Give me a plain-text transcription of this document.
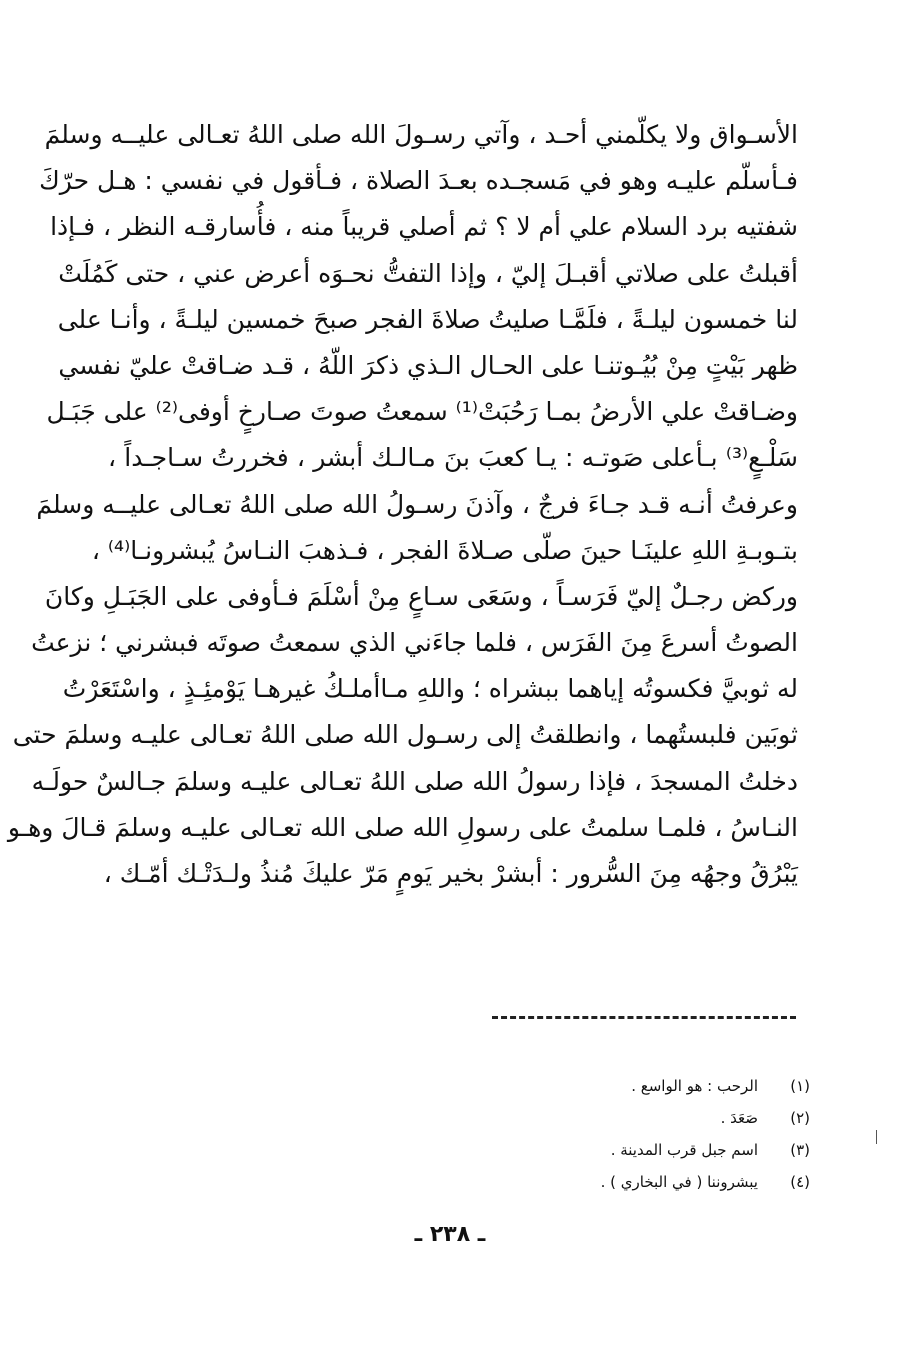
الأسـواق ولا يكلّمني أحـد ، وآتي رسـولَ الله صلى اللهُ تعـالى عليــه وسلمَ
فـأسلّم عليـه وهو في مَسجـده بعـدَ الصلاة ، فـأقول في نفسي : هـل حرّكَ
شفتيه برد السلام علي أم لا ؟ ثم أصلي قريباً منه ، فأُسارقـه النظر ، فـإذا
أقبلتُ على صلاتي أقبـلَ إليّ ، وإذا التفتُّ نحـوَه أعرض عني ، حتى كَمُلَتْ
لنا خمسون ليلـةً ، فلَمَّـا صليتُ صلاةَ الفجر صبحَ خمسين ليلـةً ، وأنـا على
ظهر بَيْتٍ مِنْ بُيُـوتنـا على الحـال الـذي ذكرَ اللّهُ ، قـد ضـاقتْ عليّ نفسي
وضـاقتْ علي الأرضُ بمـا رَحُبَتْ⁽¹⁾ سمعتُ صوتَ صـارخٍ أوفى⁽²⁾ على جَبَـل
سَلْـعٍ⁽³⁾ بـأعلى صَوتـه : يـا كعبَ بنَ مـالـك أبشر ، فخررتُ سـاجـداً ،
وعرفتُ أنـه قـد جـاءَ فرجٌ ، وآذنَ رسـولُ الله صلى اللهُ تعـالى عليــه وسلمَ
بتـوبـةِ اللهِ علينَـا حينَ صلّى صـلاةَ الفجر ، فـذهبَ النـاسُ يُبشرونـا⁽⁴⁾ ،
وركض رجـلٌ إليّ فَرَسـاً ، وسَعَى سـاعٍ مِنْ أسْلَمَ فـأوفى على الجَبَـلِ وكانَ
الصوتُ أسرعَ مِنَ الفَرَس ، فلما جاءَني الذي سمعتُ صوتَه فبشرني ؛ نزعتُ
له ثوبيَّ فكسوتُه إياهما ببشراه ؛ واللهِ مـاأملـكُ غيرهـا يَوْمئِـذٍ ، واسْتَعَرْتُ
ثوبَين فلبستُهما ، وانطلقتُ إلى رسـول الله صلى اللهُ تعـالى عليـه وسلمَ حتى
دخلتُ المسجدَ ، فإذا رسولُ الله صلى اللهُ تعـالى عليـه وسلمَ جـالسٌ حولَـه
النـاسُ ، فلمـا سلمتُ على رسولِ الله صلى الله تعـالى عليـه وسلمَ قـالَ وهـو
يَبْرُقُ وجهُه مِنَ السُّرور : أبشرْ بخير يَومٍ مَرّ عليكَ مُنذُ ولـدَتْـك أمّـك ،
(١)
الرحب : هو الواسع .
(٢)
صَعَدَ .
(٣)
اسم جبل قرب المدينة .
(٤)
يبشروننا ( في البخاري ) .
ـ ٢٣٨ ـ
